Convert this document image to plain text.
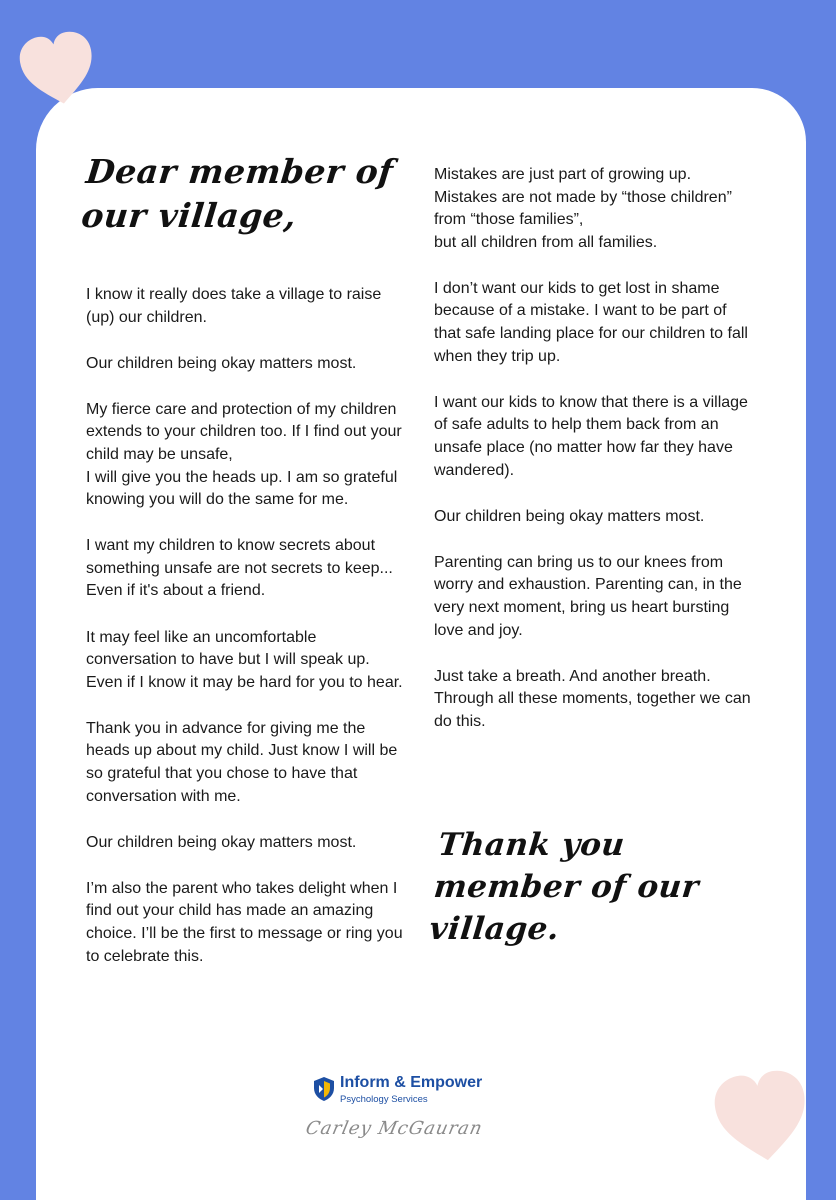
Dear member of our village,

I know it really does take a village to raise (up) our children.

Our children being okay matters most.

My fierce care and protection of my children extends to your children too. If I find out your child may be unsafe,
I will give you the heads up. I am so grateful knowing you will do the same for me.

I want my children to know secrets about something unsafe are not secrets to keep... Even if it's about a friend.

It may feel like an uncomfortable conversation to have but I will speak up. Even if I know it may be hard for you to hear.

Thank you in advance for giving me the heads up about my child. Just know I will be so grateful that you chose to have that conversation with me.

Our children being okay matters most.

I’m also the parent who takes delight when I find out your child has made an amazing choice. I’ll be the first to message or ring you to celebrate this.

Mistakes are just part of growing up. Mistakes are not made by “those children” from “those families”,
but all children from all families.

I don’t want our kids to get lost in shame because of a mistake. I want to be part of that safe landing place for our children to fall when they trip up.

I want our kids to know that there is a village of safe adults to help them back from an unsafe place (no matter how far they have wandered).

Our children being okay matters most.

Parenting can bring us to our knees from worry and exhaustion. Parenting can, in the very next moment, bring us heart bursting love and joy.

Just take a breath. And another breath. Through all these moments, together we can do this.

Thank you member of our village.
Inform & Empower
Psychology Services
Carley McGauran
